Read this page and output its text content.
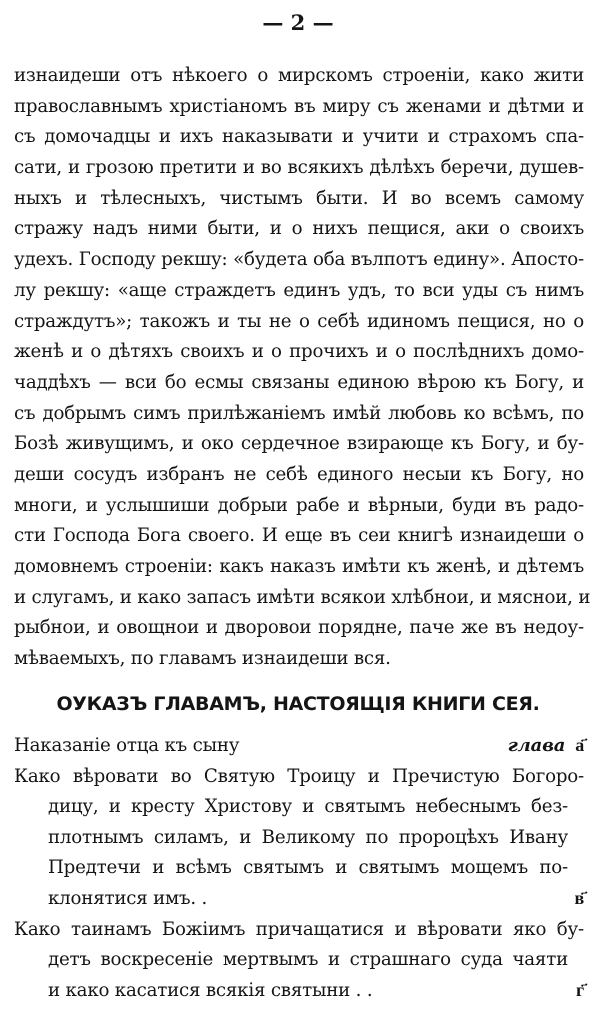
— 2 —
изнаидеши отъ нѣкоего о мирскомъ строеніи, како жити
православнымъ христіаномъ въ миру съ женами и дѣтми и
съ домочадцы и ихъ наказывати и учити и страхомъ спа-
сати, и грозою претити и во всякихъ дѣлѣхъ беречи, душев-
ныхъ и тѣлесныхъ, чистымъ быти. И во всемъ самому
стражу надъ ними быти, и о нихъ пещися, аки о своихъ
удехъ. Господу рекшу: «будета оба вълпотъ едину». Апосто-
лу рекшу: «аще страждетъ единъ удъ, то вси уды съ нимъ
страждутъ»; такожъ и ты не о себѣ идиномъ пещися, но о
женѣ и о дѣтяхъ своихъ и о прочихъ и о послѣднихъ домо-
чаддѣхъ — вси бо есмы связаны единою вѣрою къ Богу, и
съ добрымъ симъ прилѣжаніемъ имѣй любовь ко всѣмъ, по
Бозѣ живущимъ, и око сердечное взирающе къ Богу, и бу-
деши сосудъ избранъ не себѣ единого несыи къ Богу, но
многи, и услышиши добрыи рабе и вѣрныи, буди въ радо-
сти Господа Бога своего. И еще въ сеи книгѣ изнаидеши о
домовнемъ строеніи: какъ наказъ имѣти къ женѣ, и дѣтемъ
и слугамъ, и како запасъ имѣти всякои хлѣбнои, и мяснои, и
рыбнои, и овощнои и дворовои порядне, паче же въ недоу-
мѣваемыхъ, по главамъ изнаидеши вся.
ОУКАЗЪ ГЛАВАМЪ, НАСТОЯЩІЯ КНИГИ СЕЯ.
Наказаніе отца къ сыну	глава а҃
Како вѣровати во Святую Троицу и Пречистую Богоро-
дицу, и кресту Христову и святымъ небеснымъ без-
плотнымъ силамъ, и Великому по пророцѣхъ Ивану
Предтечи и всѣмъ святымъ и святымъ мощемъ по-
клонятися имъ. .	в҃
Како таинамъ Божіимъ причащатися и вѣровати яко бу-
детъ воскресеніе мертвымъ и страшнаго суда чаяти
и како касатися всякія святыни . .	г҃
